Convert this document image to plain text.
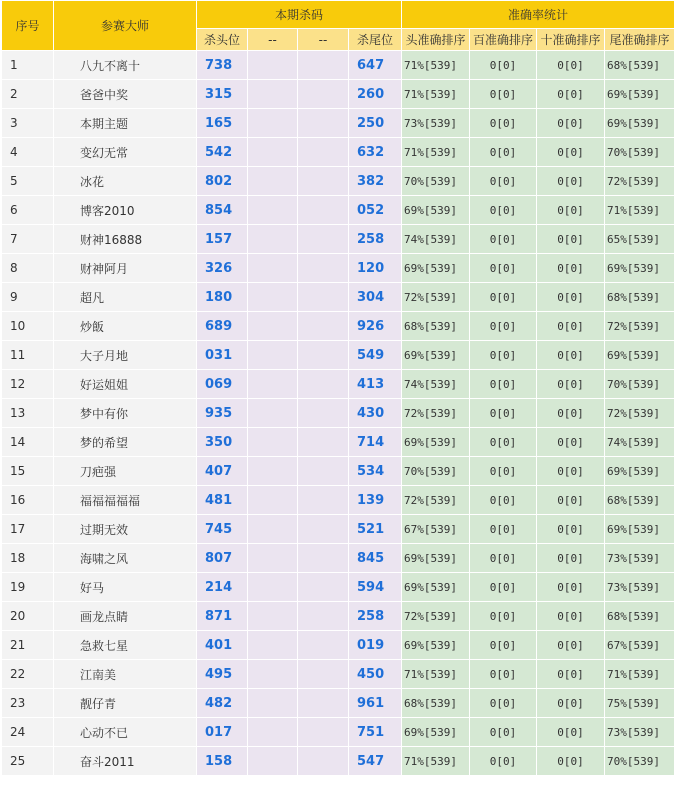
序号	参赛大师	本期杀码				准确率统计			
		杀头位	--	--	杀尾位	头准确排序	百准确排序	十准确排序	尾准确排序
1	八九不离十	738			647	71%[539]	0[0]	0[0]	68%[539]
2	爸爸中奖	315			260	71%[539]	0[0]	0[0]	69%[539]
3	本期主题	165			250	73%[539]	0[0]	0[0]	69%[539]
4	变幻无常	542			632	71%[539]	0[0]	0[0]	70%[539]
5	冰花	802			382	70%[539]	0[0]	0[0]	72%[539]
6	博客2010	854			052	69%[539]	0[0]	0[0]	71%[539]
7	财神16888	157			258	74%[539]	0[0]	0[0]	65%[539]
8	财神阿月	326			120	69%[539]	0[0]	0[0]	69%[539]
9	超凡	180			304	72%[539]	0[0]	0[0]	68%[539]
10	炒飯	689			926	68%[539]	0[0]	0[0]	72%[539]
11	大子月地	031			549	69%[539]	0[0]	0[0]	69%[539]
12	好运姐姐	069			413	74%[539]	0[0]	0[0]	70%[539]
13	梦中有你	935			430	72%[539]	0[0]	0[0]	72%[539]
14	梦的希望	350			714	69%[539]	0[0]	0[0]	74%[539]
15	刀疤强	407			534	70%[539]	0[0]	0[0]	69%[539]
16	福福福福福	481			139	72%[539]	0[0]	0[0]	68%[539]
17	过期无效	745			521	67%[539]	0[0]	0[0]	69%[539]
18	海啸之风	807			845	69%[539]	0[0]	0[0]	73%[539]
19	好马	214			594	69%[539]	0[0]	0[0]	73%[539]
20	画龙点睛	871			258	72%[539]	0[0]	0[0]	68%[539]
21	急救七星	401			019	69%[539]	0[0]	0[0]	67%[539]
22	江南美	495			450	71%[539]	0[0]	0[0]	71%[539]
23	靓仔青	482			961	68%[539]	0[0]	0[0]	75%[539]
24	心动不已	017			751	69%[539]	0[0]	0[0]	73%[539]
25	奋斗2011	158			547	71%[539]	0[0]	0[0]	70%[539]
